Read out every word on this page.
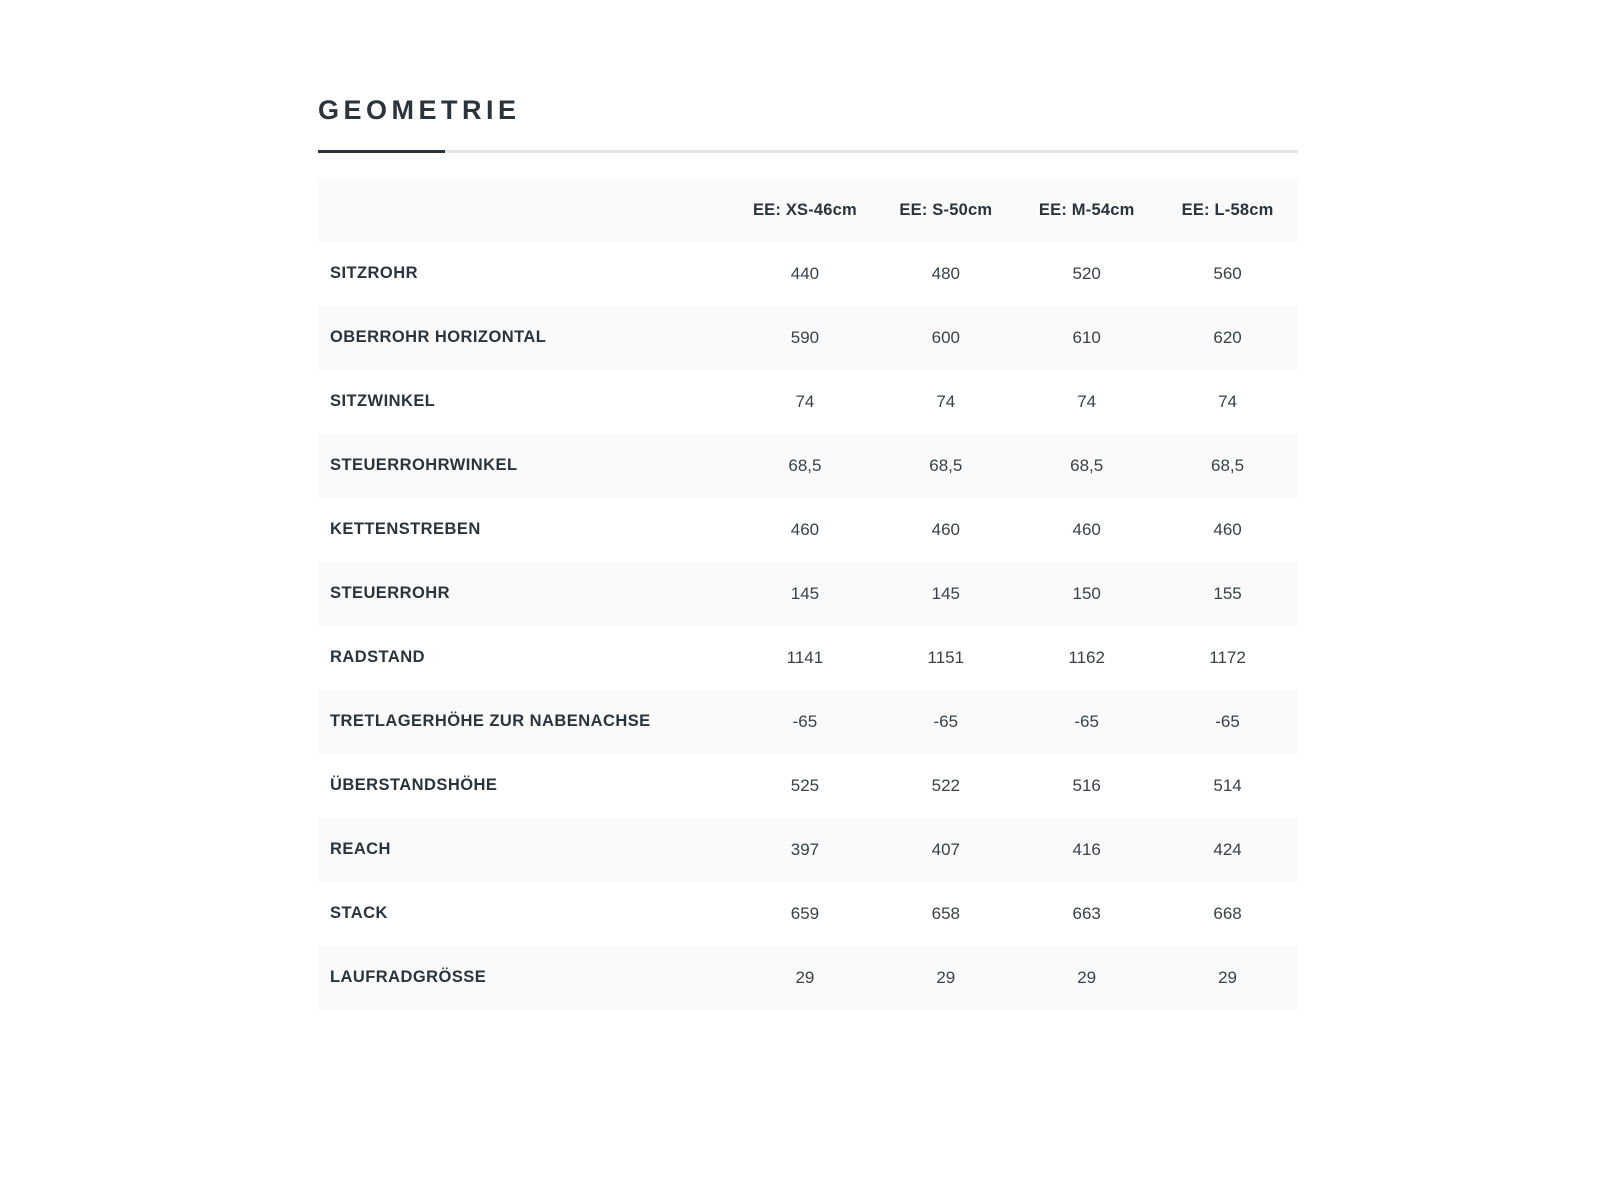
GEOMETRIE
	EE: XS-46cm	EE: S-50cm	EE: M-54cm	EE: L-58cm
SITZROHR	440	480	520	560
OBERROHR HORIZONTAL	590	600	610	620
SITZWINKEL	74	74	74	74
STEUERROHRWINKEL	68,5	68,5	68,5	68,5
KETTENSTREBEN	460	460	460	460
STEUERROHR	145	145	150	155
RADSTAND	1141	1151	1162	1172
TRETLAGERHÖHE ZUR NABENACHSE	-65	-65	-65	-65
ÜBERSTANDSHÖHE	525	522	516	514
REACH	397	407	416	424
STACK	659	658	663	668
LAUFRADGRÖSSE	29	29	29	29
